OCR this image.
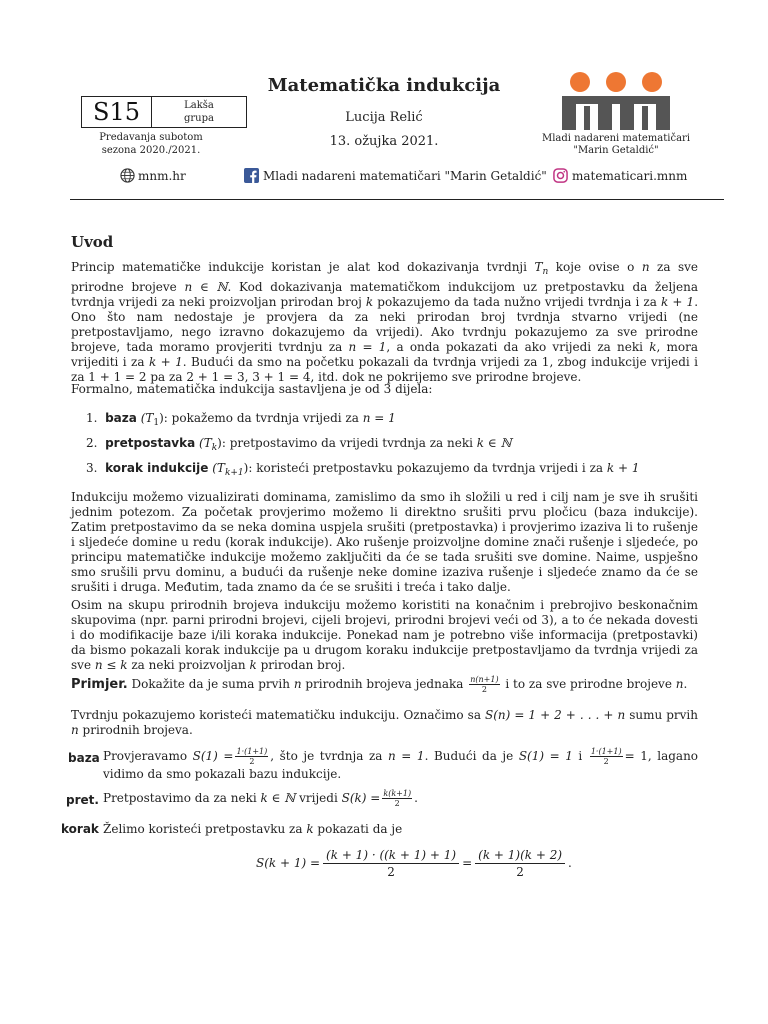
S15	Lakša
grupa
Predavanja subotom
sezona 2020./2021.
Matematička indukcija
Lucija Relić
13. ožujka 2021.	Mladi nadareni matematičari
"Marin Getaldić"
mnm.hr	Mladi nadareni matematičari "Marin Getaldić"	matematicari.mnm
Uvod

Princip matematičke indukcije koristan je alat kod dokazivanja tvrdnji $T_n$ koje ovise o n za sve prirodne brojeve n ∈ ℕ. Kod dokazivanja matematičkom indukcijom uz pretpostavku da željena tvrdnja vrijedi za neki proizvoljan prirodan broj k pokazujemo da tada nužno vrijedi tvrdnja i za k + 1. Ono što nam nedostaje je provjera da za neki prirodan broj tvrdnja stvarno vrijedi (ne pretpostavljamo, nego izravno dokazujemo da vrijedi). Ako tvrdnju pokazujemo za sve prirodne brojeve, tada moramo provjeriti tvrdnju za n = 1, a onda pokazati da ako vrijedi za neki k, mora vrijediti i za k + 1. Budući da smo na početku pokazali da tvrdnja vrijedi za 1, zbog indukcije vrijedi i za 1 + 1 = 2 pa za 2 + 1 = 3, 3 + 1 = 4, itd. dok ne pokrijemo sve prirodne brojeve.

Formalno, matematička indukcija sastavljena je od 3 dijela:

1. baza $(T_1)$: pokažemo da tvrdnja vrijedi za n = 1
2. pretpostavka $(T_k)$: pretpostavimo da vrijedi tvrdnja za neki k ∈ ℕ
3. korak indukcije $(T_{k+1})$: koristeći pretpostavku pokazujemo da tvrdnja vrijedi i za k + 1

Indukciju možemo vizualizirati dominama, zamislimo da smo ih složili u red i cilj nam je sve ih srušiti jednim potezom. Za početak provjerimo možemo li direktno srušiti prvu pločicu (baza indukcije). Zatim pretpostavimo da se neka domina uspjela srušiti (pretpostavka) i provjerimo izaziva li to rušenje i sljedeće domine u redu (korak indukcije). Ako rušenje proizvoljne domine znači rušenje i sljedeće, po principu matematičke indukcije možemo zaključiti da će se tada srušiti sve domine. Naime, uspješno smo srušili prvu dominu, a budući da rušenje neke domine izaziva rušenje i sljedeće znamo da će se srušiti i druga. Međutim, tada znamo da će se srušiti i treća i tako dalje.

Osim na skupu prirodnih brojeva indukciju možemo koristiti na konačnim i prebrojivo beskonačnim skupovima (npr. parni prirodni brojevi, cijeli brojevi, prirodni brojevi veći od 3), a to će nekada dovesti i do modifikacije baze i/ili koraka indukcije. Ponekad nam je potrebno više informacija (pretpostavki) da bismo pokazali korak indukcije pa u drugom koraku indukcije pretpostavljamo da tvrdnja vrijedi za sve n ≤ k za neki proizvoljan k prirodan broj.

Primjer. Dokažite da je suma prvih n prirodnih brojeva jednaka $\frac{n(n+1)}{2}$ i to za sve prirodne brojeve n.

Tvrdnju pokazujemo koristeći matematičku indukciju. Označimo sa S(n) = 1 + 2 + . . . + n sumu prvih n prirodnih brojeva.

baza Provjeravamo $S(1) = \frac{1\cdot(1+1)}{2}$ , što je tvrdnja za n = 1. Budući da je S(1) = 1 i $\frac{1\cdot(1+1)}{2} = 1$, lagano vidimo da smo pokazali bazu indukcije.

pret. Pretpostavimo da za neki k ∈ ℕ vrijedi $S(k) = \frac{k(k+1)}{2}$ .

korak Želimo koristeći pretpostavku za k pokazati da je

$S(k + 1) = \frac{(k + 1) \cdot ((k + 1) + 1)}{2} = \frac{(k + 1)(k + 2)}{2}$ .
